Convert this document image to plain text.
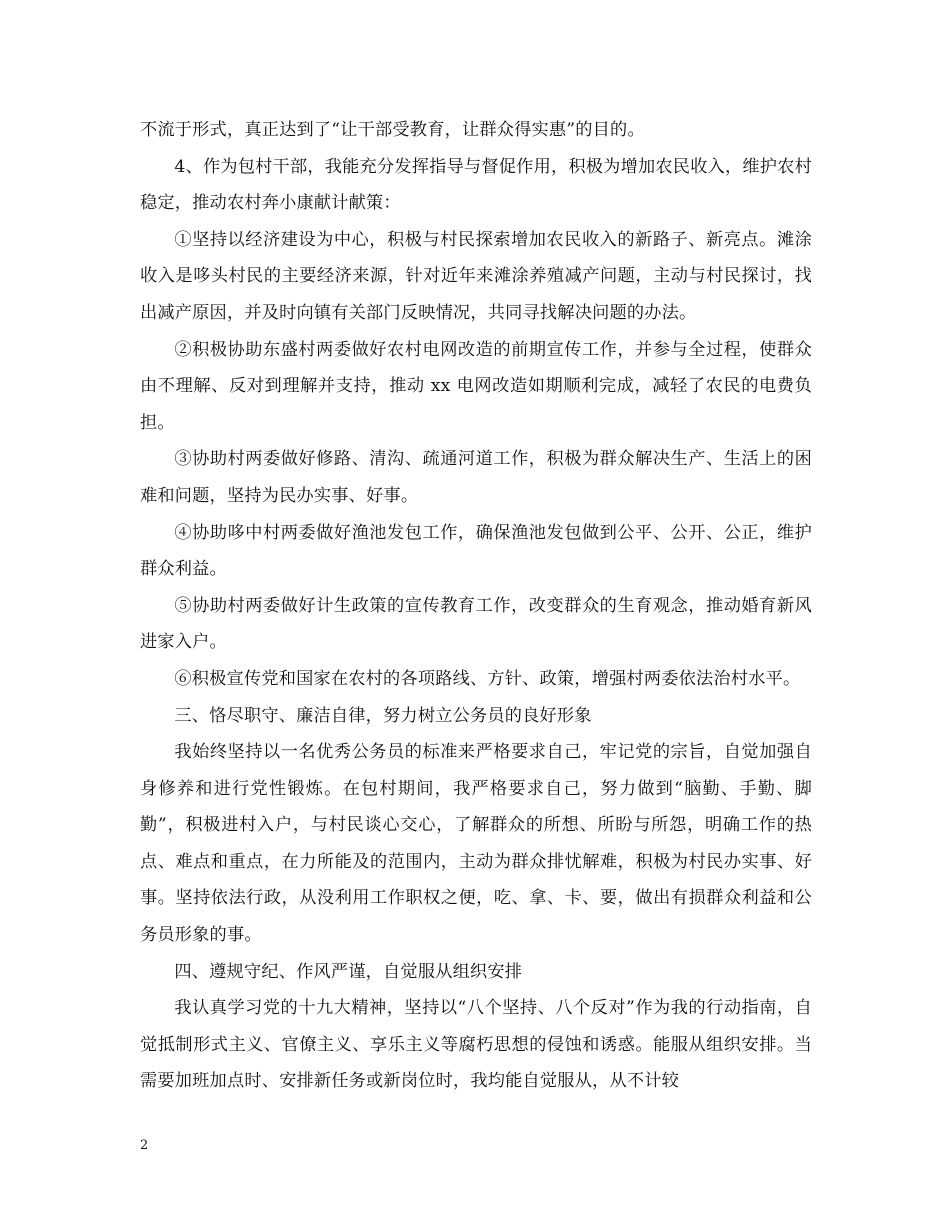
不流于形式，真正达到了“让干部受教育，让群众得实惠”的目的。

4、作为包村干部，我能充分发挥指导与督促作用，积极为增加农民收入，维护农村稳定，推动农村奔小康献计献策：

①坚持以经济建设为中心，积极与村民探索增加农民收入的新路子、新亮点。滩涂收入是哆头村民的主要经济来源，针对近年来滩涂养殖减产问题，主动与村民探讨，找出减产原因，并及时向镇有关部门反映情况，共同寻找解决问题的办法。

②积极协助东盛村两委做好农村电网改造的前期宣传工作，并参与全过程，使群众由不理解、反对到理解并支持，推动 xx 电网改造如期顺利完成，减轻了农民的电费负担。

③协助村两委做好修路、清沟、疏通河道工作，积极为群众解决生产、生活上的困难和问题，坚持为民办实事、好事。

④协助哆中村两委做好渔池发包工作，确保渔池发包做到公平、公开、公正，维护群众利益。

⑤协助村两委做好计生政策的宣传教育工作，改变群众的生育观念，推动婚育新风进家入户。

⑥积极宣传党和国家在农村的各项路线、方针、政策，增强村两委依法治村水平。

三、恪尽职守、廉洁自律，努力树立公务员的良好形象

我始终坚持以一名优秀公务员的标准来严格要求自己，牢记党的宗旨，自觉加强自身修养和进行党性锻炼。在包村期间，我严格要求自己，努力做到“脑勤、手勤、脚勤”，积极进村入户，与村民谈心交心，了解群众的所想、所盼与所怨，明确工作的热点、难点和重点，在力所能及的范围内，主动为群众排忧解难，积极为村民办实事、好事。坚持依法行政，从没利用工作职权之便，吃、拿、卡、要，做出有损群众利益和公务员形象的事。

四、遵规守纪、作风严谨，自觉服从组织安排

我认真学习党的十九大精神，坚持以“八个坚持、八个反对”作为我的行动指南，自觉抵制形式主义、官僚主义、享乐主义等腐朽思想的侵蚀和诱惑。能服从组织安排。当需要加班加点时、安排新任务或新岗位时，我均能自觉服从，从不计较

2
